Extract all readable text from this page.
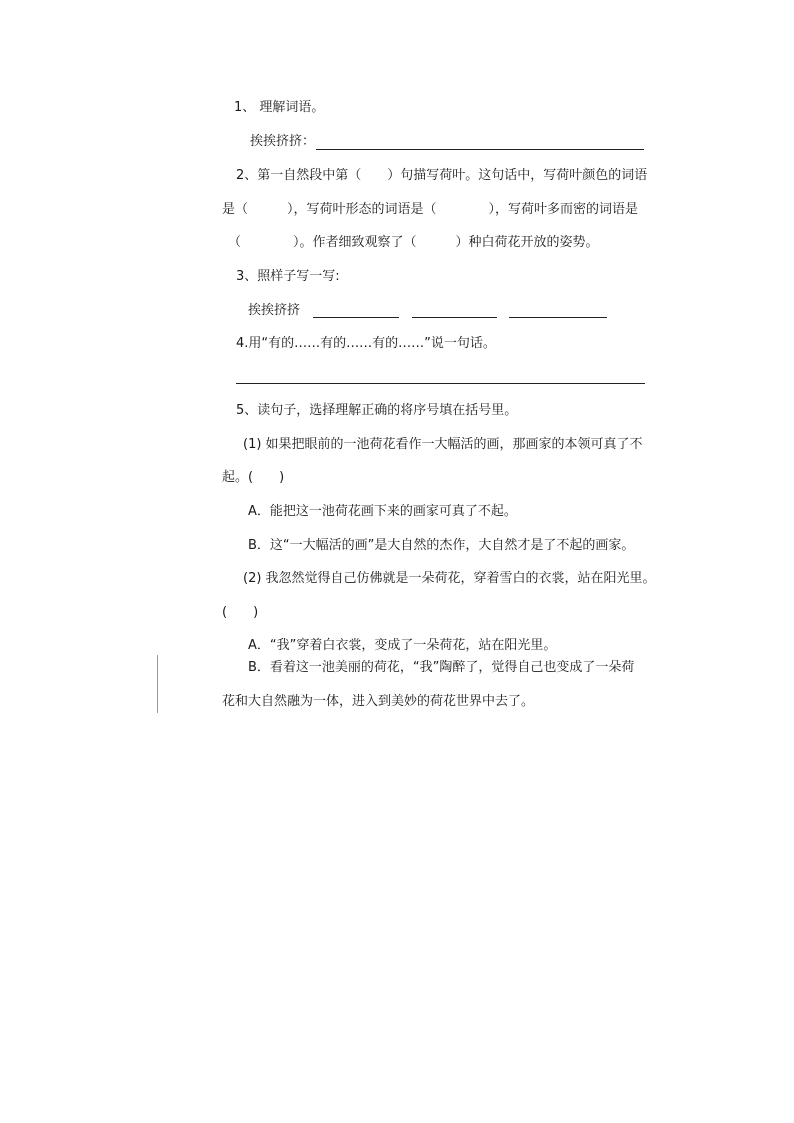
1、 理解词语。
挨挨挤挤：
2、第一自然段中第（　　）句描写荷叶。这句话中，写荷叶颜色的词语
是（　　　），写荷叶形态的词语是（　　　　），写荷叶多而密的词语是
（　　　　）。作者细致观察了（　　　）种白荷花开放的姿势。
3、照样子写一写:
挨挨挤挤
4.用“有的……有的……有的……”说一句话。
5、读句子，选择理解正确的将序号填在括号里。
(1) 如果把眼前的一池荷花看作一大幅活的画，那画家的本领可真了不
起。(　　)
A．能把这一池荷花画下来的画家可真了不起。
B．这“一大幅活的画”是大自然的杰作，大自然才是了不起的画家。
(2) 我忽然觉得自己仿佛就是一朵荷花，穿着雪白的衣裳，站在阳光里。
(　　)
A．“我”穿着白衣裳，变成了一朵荷花，站在阳光里。
B．看着这一池美丽的荷花，“我”陶醉了，觉得自己也变成了一朵荷
花和大自然融为一体，进入到美妙的荷花世界中去了。
